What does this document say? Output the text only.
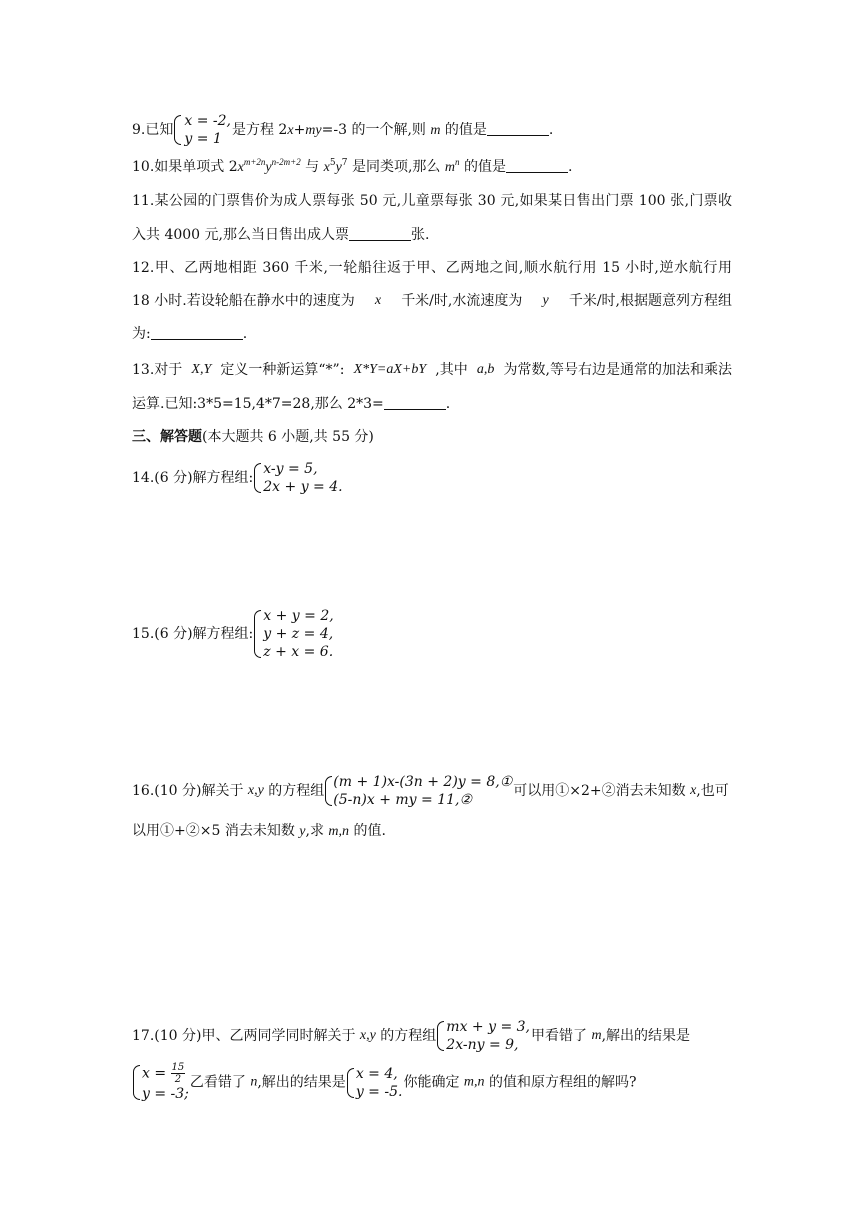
9.已知
x = -2,
y = 1
是方程 2x+my=-3 的一个解,则 m 的值是	.
10.如果单项式 $2x^{m+2n}y^{n-2m+2}$ 与 $x^5y^7$ 是同类项,那么 $m^n$ 的值是	.
11.某公园的门票售价为成人票每张 50 元,儿童票每张 30 元,如果某日售出门票 100 张,门票收
入共 4000 元,那么当日售出成人票	张.
12.甲、乙两地相距 360 千米,一轮船往返于甲、乙两地之间,顺水航行用 15 小时,逆水航行用
18 小时.若设轮船在静水中的速度为 x 千米/时,水流速度为 y 千米/时,根据题意列方程组
为:	.
13.对于 X,Y 定义一种新运算“*”: X*Y=aX+bY ,其中 a,b 为常数,等号右边是通常的加法和乘法
运算.已知:3*5=15,4*7=28,那么 2*3=	.
三、解答题(本大题共 6 小题,共 55 分)
14.(6 分)解方程组:
x-y = 5,
2x + y = 4.
15.(6 分)解方程组:
x + y = 2,
y + z = 4,
z + x = 6.
16.(10 分)解关于 x,y 的方程组
(m + 1)x-(3n + 2)y = 8,①
(5-n)x + my = 11,②
可以用①×2+②消去未知数 x,也可
以用①+②×5 消去未知数 y,求 m,n 的值.
17.(10 分)甲、乙两同学同时解关于 x,y 的方程组
mx + y = 3,
2x-ny = 9,
甲看错了 m,解出的结果是
$x = \frac{15}{2}$
y = -3;
乙看错了 n,解出的结果是
x = 4,
y = -5.
你能确定 m,n 的值和原方程组的解吗?
